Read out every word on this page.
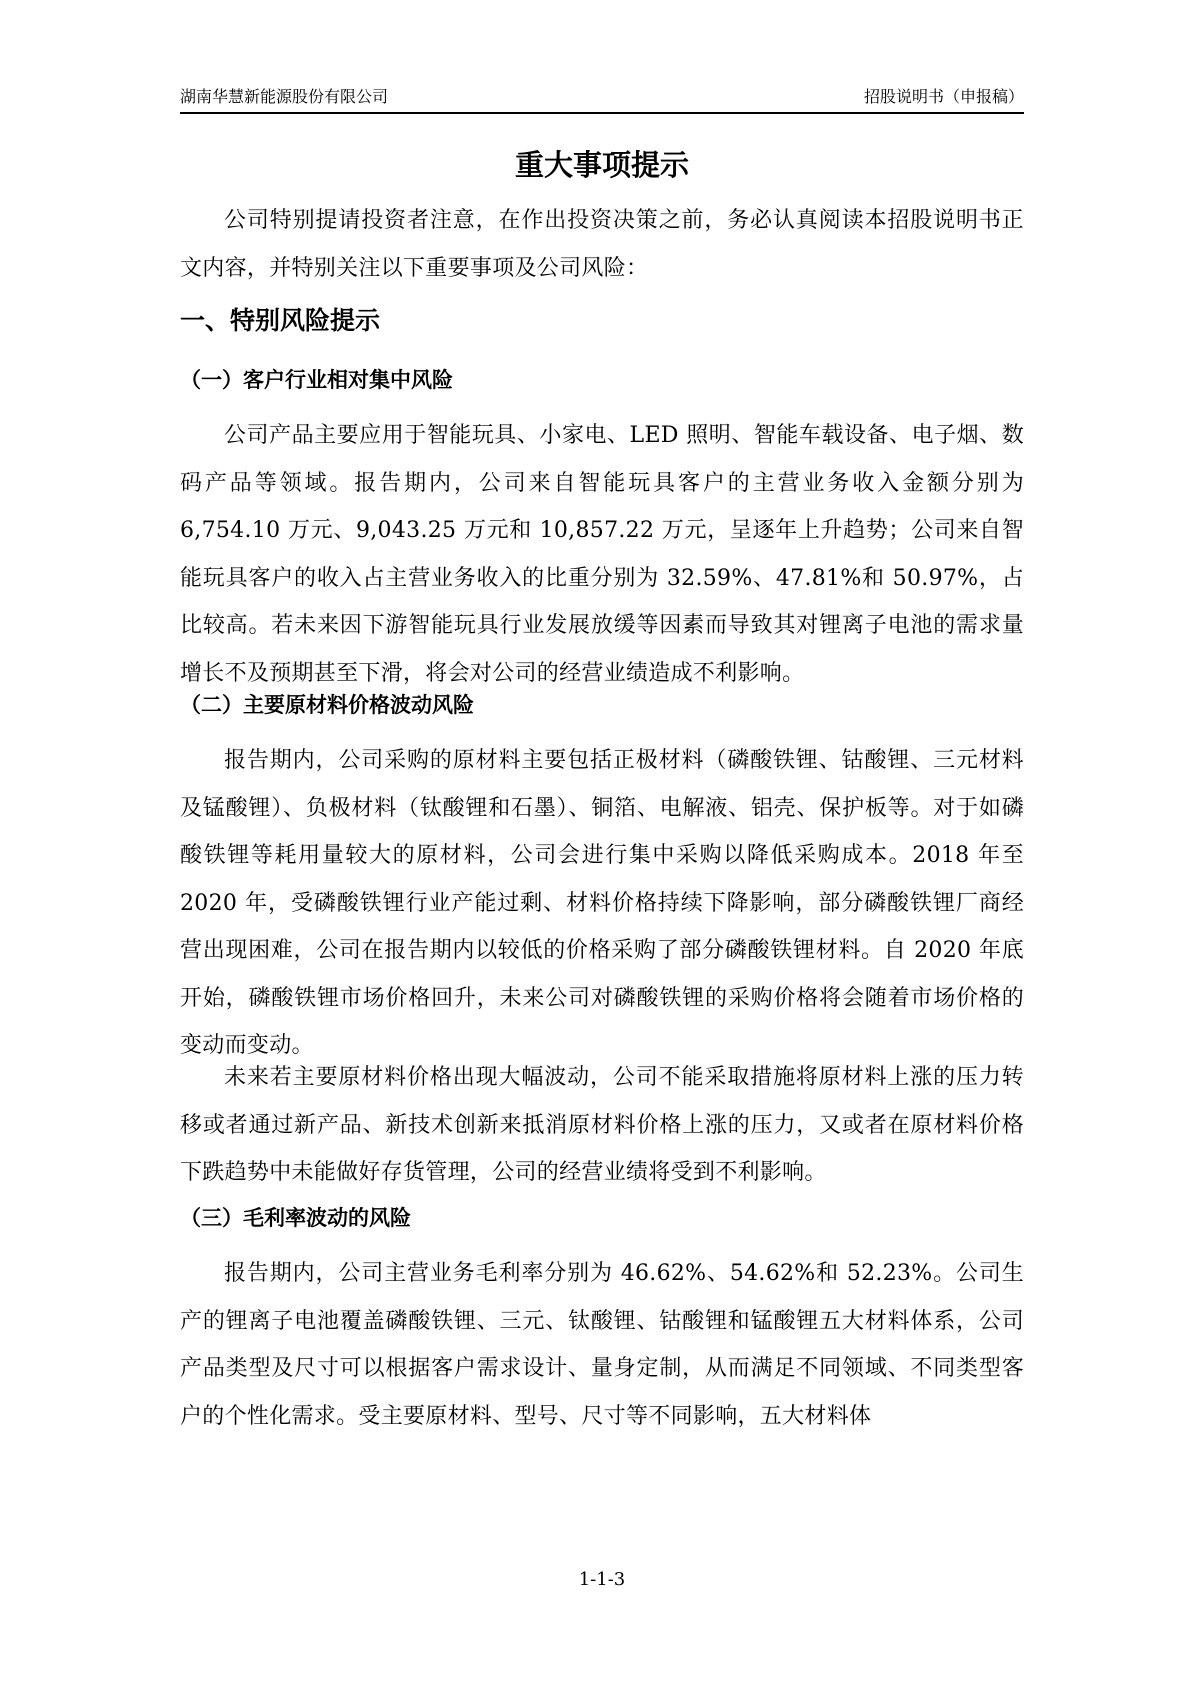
湖南华慧新能源股份有限公司	招股说明书（申报稿）
重大事项提示

公司特别提请投资者注意，在作出投资决策之前，务必认真阅读本招股说明书正文内容，并特别关注以下重要事项及公司风险：

一、特别风险提示
（一）客户行业相对集中风险

公司产品主要应用于智能玩具、小家电、LED 照明、智能车载设备、电子烟、数码产品等领域。报告期内，公司来自智能玩具客户的主营业务收入金额分别为 6,754.10 万元、9,043.25 万元和 10,857.22 万元，呈逐年上升趋势；公司来自智能玩具客户的收入占主营业务收入的比重分别为 32.59%、47.81%和 50.97%，占比较高。若未来因下游智能玩具行业发展放缓等因素而导致其对锂离子电池的需求量增长不及预期甚至下滑，将会对公司的经营业绩造成不利影响。

（二）主要原材料价格波动风险

报告期内，公司采购的原材料主要包括正极材料（磷酸铁锂、钴酸锂、三元材料及锰酸锂）、负极材料（钛酸锂和石墨）、铜箔、电解液、铝壳、保护板等。对于如磷酸铁锂等耗用量较大的原材料，公司会进行集中采购以降低采购成本。2018 年至 2020 年，受磷酸铁锂行业产能过剩、材料价格持续下降影响，部分磷酸铁锂厂商经营出现困难，公司在报告期内以较低的价格采购了部分磷酸铁锂材料。自 2020 年底开始，磷酸铁锂市场价格回升，未来公司对磷酸铁锂的采购价格将会随着市场价格的变动而变动。

未来若主要原材料价格出现大幅波动，公司不能采取措施将原材料上涨的压力转移或者通过新产品、新技术创新来抵消原材料价格上涨的压力，又或者在原材料价格下跌趋势中未能做好存货管理，公司的经营业绩将受到不利影响。

（三）毛利率波动的风险

报告期内，公司主营业务毛利率分别为 46.62%、54.62%和 52.23%。公司生产的锂离子电池覆盖磷酸铁锂、三元、钛酸锂、钴酸锂和锰酸锂五大材料体系，公司产品类型及尺寸可以根据客户需求设计、量身定制，从而满足不同领域、不同类型客户的个性化需求。受主要原材料、型号、尺寸等不同影响，五大材料体

1-1-3
